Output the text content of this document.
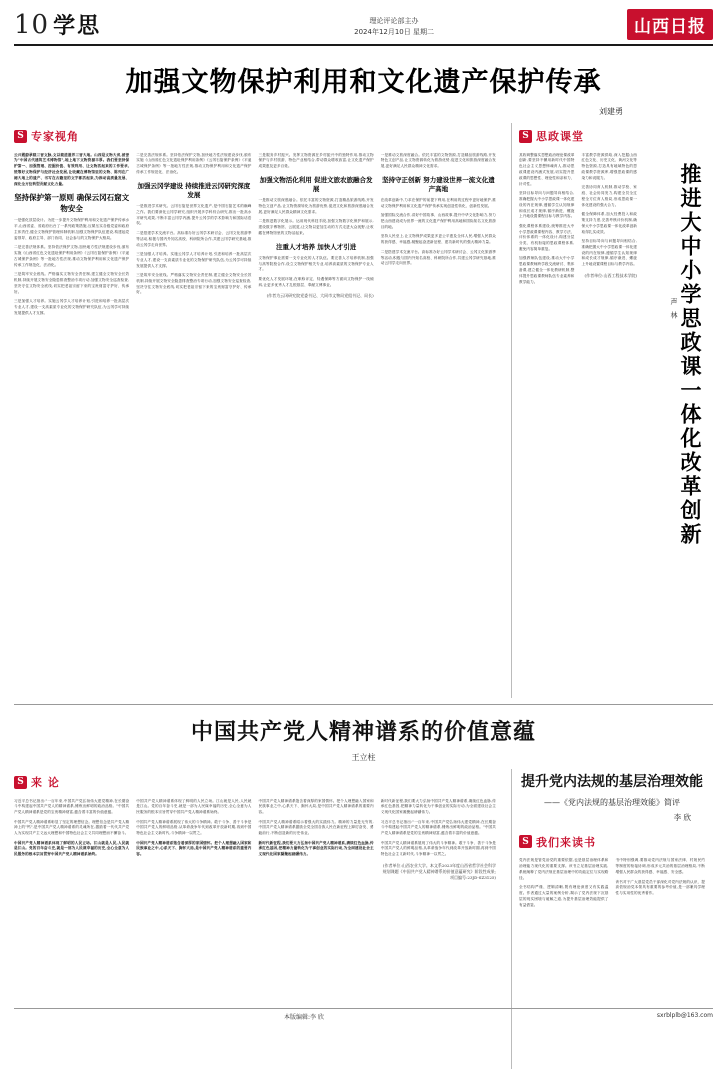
10 学思	理论评论部主办
2024年12月10日 星期二	山西日报
加强文物保护利用和文化遗产保护传承
刘建勇
S 专家视角

云兴霞蔚承载三晋文脉,文以载道滋养三晋大地。山西是文物大省,被誉为"中国古代建筑艺术博物馆",地上地下文物资源丰厚。我们要坚持保护第一、加强管理、挖掘价值、有效利用、让文物活起来的工作要求,统筹好文物保护与经济社会发展,让收藏在博物馆里的文物、陈列在广阔大地上的遗产、书写在古籍里的文字都活起来,为推动高质量发展、深化全方位转型贡献文化力量。

坚持保护第一原则 确保云冈石窟文物安全

一是强化顶层设计。为进一步提升文物保护利用和文化遗产保护传承水平,山西省委、省政府出台了一系列政策措施,压紧压实各级党委和政府主体责任,健全文物保护管理体制机制,加强文物保护队伍建设,构建起党委领导、政府主导、部门协同、社会参与的文物保护大格局。

二是完善法规体系。坚持依法保护文物,加快地方性法规建设步伐,颁布实施《山西省红色文化遗址保护利用条例》《云冈石窟保护条例》《平遥古城保护条例》等一批地方性法规,推动文物保护利用和文化遗产保护传承工作规范化、法治化。

三是筑牢安全底线。严格落实文物安全责任制,建立健全文物安全长效机制,持续开展文物安全隐患排查整治专项行动,加强文物安全巡查检查,坚决守住文物安全底线,切实把老祖宗留下来的宝贵财富守护好、传承好。

三是加强人才培养。实施云冈学人才培养计划,引进和培养一批高层次专业人才,建设一支高素质专业化的文物保护研究队伍,为云冈学可持续发展提供人才支撑。

二是完善法规体系。坚持依法保护文物,加快地方性法规建设步伐,颁布实施《山西省红色文化遗址保护利用条例》《云冈石窟保护条例》《平遥古城保护条例》等一批地方性法规,推动文物保护利用和文化遗产保护传承工作规范化、法治化。

加强云冈学建设 持续推进云冈研究深度发展

一是推进学术研究。云冈石窟是世界文化遗产,是中国石窟艺术的巅峰之作。我们要深化云冈学研究,组织开展多学科综合研究,推出一批高水平研究成果,不断丰富云冈学内涵,提升云冈学的学术影响力和国际话语权。

二是搭建学术交流平台。高标准办好云冈学术研讨会、云冈文化旅游季等活动,积极与国内外知名高校、科研院所合作,共建云冈学研究基地,推动云冈学走向世界。

三是加强人才培养。实施云冈学人才培养计划,引进和培养一批高层次专业人才,建设一支高素质专业化的文物保护研究队伍,为云冈学可持续发展提供人才支撑。

三是筑牢安全底线。严格落实文物安全责任制,建立健全文物安全长效机制,持续开展文物安全隐患排查整治专项行动,加强文物安全巡查检查,坚决守住文物安全底线,切实把老祖宗留下来的宝贵财富守护好、传承好。

三是服务乡村振兴。发挥文物资源在乡村振兴中的独特作用,推动文物保护与乡村旅游、特色产业相结合,带动群众增收致富,让文化遗产保护成果惠及更多百姓。

加强文物活化利用 促进文旅农旅融合发展

一是推动文旅深度融合。依托丰富的文物资源,打造精品旅游线路,开发特色文创产品,让文物资源转化为旅游优势,促进文化和旅游深度融合发展,更好满足人民群众精神文化需求。

二是推进数字化展示。运用现代科技手段,加强文物数字化保护和展示,建设数字博物馆、云展览,让文物以更加生动的方式走进大众视野,让收藏在博物馆里的文物活起来。

注重人才培养 加快人才引进

文物保护事业需要一支专业化的人才队伍。要完善人才培养机制,加强与高等院校合作,设立文物保护相关专业,培养高素质的文物保护专业人才。

要优化人才发展环境,在职称评定、待遇保障等方面向文物保护一线倾斜,让更多优秀人才扎根基层、奉献文博事业。

(作者为云冈研究院党委书记、大同市文物局党组书记、局长)

一是推动文旅深度融合。依托丰富的文物资源,打造精品旅游线路,开发特色文创产品,让文物资源转化为旅游优势,促进文化和旅游深度融合发展,更好满足人民群众精神文化需求。

坚持守正创新 努力建设世界一流文化遗产高地

在改革创新中,力求在保护的前提下利用,在利用的过程中更好地保护,推动文物保护利用和文化遗产保护传承实现创造性转化、创新性发展。

加强国际交流合作,讲好中国故事、山西故事,提升中华文化影响力,努力把山西建设成为世界一流的文化遗产保护利用高地和国际知名文化旅游目的地。

坚持人民至上,让文物保护成果更多更公平惠及全体人民,增强人民群众的获得感、幸福感,凝聚起奋进新征程、建功新时代的强大精神力量。

二是搭建学术交流平台。高标准办好云冈学术研讨会、云冈文化旅游季等活动,积极与国内外知名高校、科研院所合作,共建云冈学研究基地,推动云冈学走向世界。

S 思政课堂

其收调整落实思想政治理论课改革创新,要坚持不懈用新时代中国特色社会主义思想铸魂育人,推动思政课建设内涵式发展,切实提升思政课的思想性、理论性和亲和力、针对性。

坚持目标导向与问题导向相结合,准确把握大中小学思政课一体化建设的内在规律,遵循学生认知规律和成长成才规律,循序渐进、螺旋上升地设置课程目标与教学内容。

强化课程体系建设,统筹推进大中小学思政课课程内容、教学方法、评价体系的一体化设计,构建分层分类、有机衔接的思政课程体系,避免内容简单重复。

加强教师队伍建设,推动大中小学思政课教师跨学段交流研讨、集体备课,建立健全一体化教研机制,整体提升思政课教师队伍专业素养和教学能力。

丰富教学资源供给,深入挖掘山西红色文化、历史文化、黄河文化等特色资源,打造具有地域特色的思政课教学资源库,增强思政课的感染力和说服力。

完善协同育人机制,推动学校、家庭、社会协同发力,构建全员全过程全方位育人格局,形成思政课一体化建设的强大合力。

健全保障体系,加大经费投入和政策支持力度,完善考核评价机制,确保大中小学思政课一体化改革创新取得扎实成效。

坚持目标导向与问题导向相结合,准确把握大中小学思政课一体化建设的内在规律,遵循学生认知规律和成长成才规律,循序渐进、螺旋上升地设置课程目标与教学内容。

(作者单位:山西工程技术学院) 推进大中小学思政课一体化改革创新
声 林
中国共产党人精神谱系的价值意蕴
王立柱
S 来 论

习近平总书记指出:"一百年来,中国共产党弘扬伟大建党精神,在长期奋斗中构建起中国共产党人的精神谱系,锤炼出鲜明的政治品格。"中国共产党人精神谱系是党的宝贵精神财富,蕴含着丰富的价值意蕴。

中国共产党人精神谱系彰显了坚定的理想信念。理想信念是共产党人精神上的"钙",是中国共产党人精神谱系的灵魂所在,激励着一代代共产党人为实现共产主义远大理想和中国特色社会主义共同理想而不懈奋斗。

中国共产党人精神谱系体现了鲜明的人民立场。江山就是人民,人民就是江山。党的百年奋斗史,就是一部为人民谋幸福的历史,全心全意为人民服务的根本宗旨贯穿中国共产党人精神谱系始终。

中国共产党人精神谱系体现了鲜明的人民立场。江山就是人民,人民就是江山。党的百年奋斗史,就是一部为人民谋幸福的历史,全心全意为人民服务的根本宗旨贯穿中国共产党人精神谱系始终。

中国共产党人精神谱系展现了伟大的斗争精神。敢于斗争、善于斗争是中国共产党人的鲜明品格,从革命战争年代到改革开放新时期,再到中国特色社会主义新时代,斗争精神一以贯之。

中国共产党人精神谱系饱含着深厚的家国情怀。把个人理想融入国家和民族事业之中,心系天下、胸怀大局,是中国共产党人精神谱系的重要内容。

中国共产党人精神谱系饱含着深厚的家国情怀。把个人理想融入国家和民族事业之中,心系天下、胸怀大局,是中国共产党人精神谱系的重要内容。

中国共产党人精神谱系昭示着强大的实践伟力。精神的力量是无穷的,中国共产党人精神谱系激励全党全国各族人民在新征程上踔厉奋发、勇毅前行,不断创造新的历史伟业。

新时代新征程,我们要大力弘扬中国共产党人精神谱系,赓续红色血脉,传承红色基因,把精神力量转化为干事创业的实际行动,为全面建设社会主义现代化国家凝聚起磅礴伟力。

新时代新征程,我们要大力弘扬中国共产党人精神谱系,赓续红色血脉,传承红色基因,把精神力量转化为干事创业的实际行动,为全面建设社会主义现代化国家凝聚起磅礴伟力。

习近平总书记指出:"一百年来,中国共产党弘扬伟大建党精神,在长期奋斗中构建起中国共产党人的精神谱系,锤炼出鲜明的政治品格。"中国共产党人精神谱系是党的宝贵精神财富,蕴含着丰富的价值意蕴。

中国共产党人精神谱系展现了伟大的斗争精神。敢于斗争、善于斗争是中国共产党人的鲜明品格,从革命战争年代到改革开放新时期,再到中国特色社会主义新时代,斗争精神一以贯之。

(作者单位:山西农业大学。本文系2023年度山西省哲学社会科学规划课题《中国共产党人精神谱系的价值意蕴研究》阶段性成果;项目编号:23JD-SZ3125)
提升党内法规的基层治理效能
——《党内法规的基层治理效能》简评
李 欣
S 我们来读书

党内法规是管党治党的重要依据,也是基层治理体系和治理能力现代化的重要支撑。该书立足基层治理实践,系统阐释了党内法规在基层治理中的功能定位与实现路径。

全书结构严谨、逻辑清晰,既有理论深度又有实践温度。作者通过大量的案例分析,揭示了党内法规下沉基层的现实困境与破解之道,为提升基层治理效能提供了有益借鉴。

书中特别强调,要推动党内法规与国家法律、村规民约等制度的衔接协调,形成多元共治的基层治理格局,不断增强人民群众的获得感、幸福感、安全感。

该书对于广大基层党员干部深化对党内法规的认识、提高依规治党本领具有重要的参考价值,是一部兼具学理性与实用性的优秀著作。

本版编辑:李 欣	sxrblplb@163.com
